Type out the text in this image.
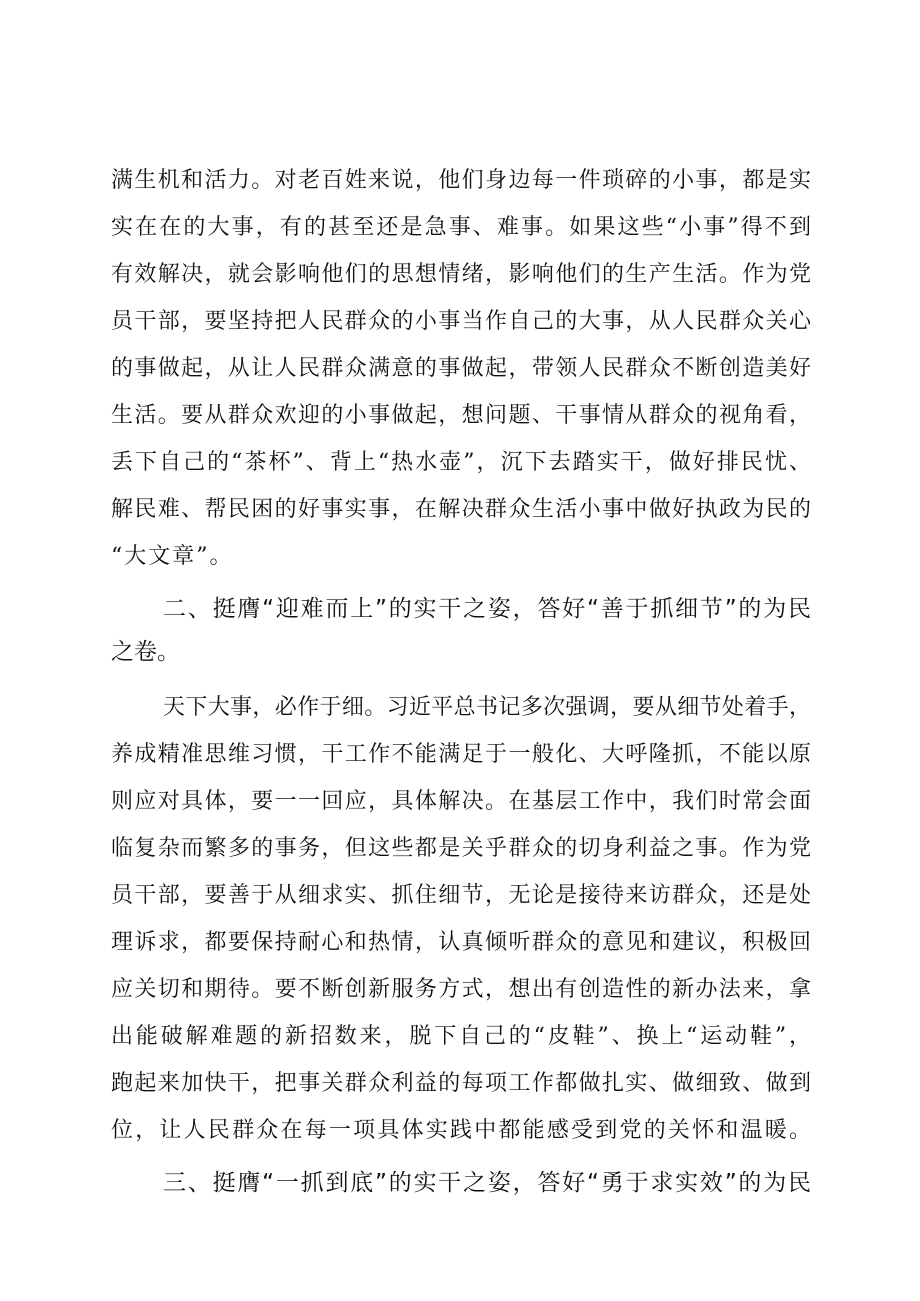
满生机和活力。对老百姓来说，他们身边每一件琐碎的小事，都是实
实在在的大事，有的甚至还是急事、难事。如果这些“小事”得不到
有效解决，就会影响他们的思想情绪，影响他们的生产生活。作为党
员干部，要坚持把人民群众的小事当作自己的大事，从人民群众关心
的事做起，从让人民群众满意的事做起，带领人民群众不断创造美好
生活。要从群众欢迎的小事做起，想问题、干事情从群众的视角看，
丢下自己的“茶杯”、背上“热水壶”，沉下去踏实干，做好排民忧、
解民难、帮民困的好事实事，在解决群众生活小事中做好执政为民的
“大文章”。
二、挺膺“迎难而上”的实干之姿，答好“善于抓细节”的为民
之卷。
天下大事，必作于细。习近平总书记多次强调，要从细节处着手，
养成精准思维习惯，干工作不能满足于一般化、大呼隆抓，不能以原
则应对具体，要一一回应，具体解决。在基层工作中，我们时常会面
临复杂而繁多的事务，但这些都是关乎群众的切身利益之事。作为党
员干部，要善于从细求实、抓住细节，无论是接待来访群众，还是处
理诉求，都要保持耐心和热情，认真倾听群众的意见和建议，积极回
应关切和期待。要不断创新服务方式，想出有创造性的新办法来，拿
出能破解难题的新招数来，脱下自己的“皮鞋”、换上“运动鞋”，
跑起来加快干，把事关群众利益的每项工作都做扎实、做细致、做到
位，让人民群众在每一项具体实践中都能感受到党的关怀和温暖。
三、挺膺“一抓到底”的实干之姿，答好“勇于求实效”的为民
